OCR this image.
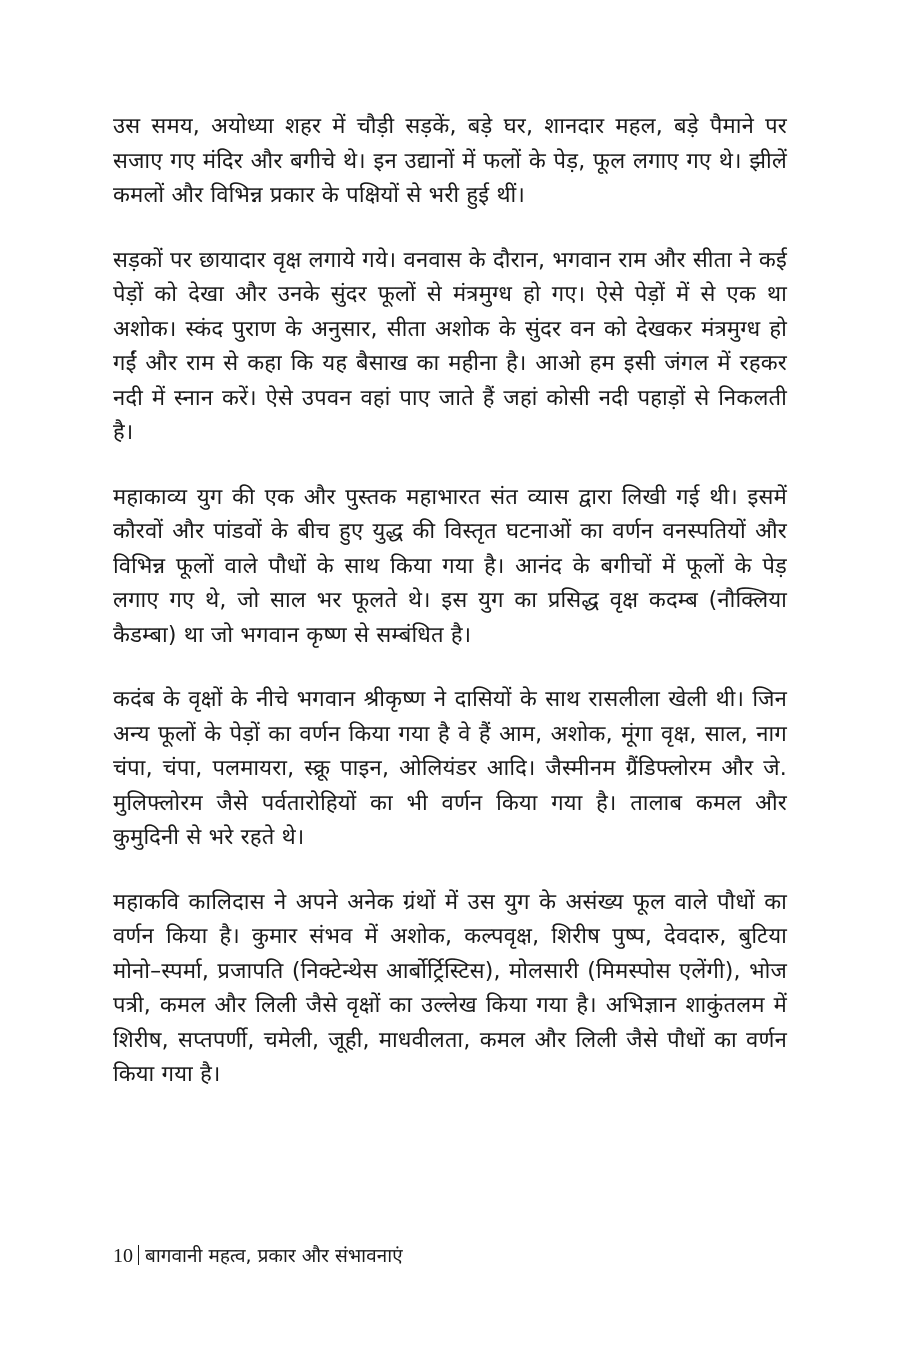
उस समय, अयोध्या शहर में चौड़ी सड़कें, बड़े घर, शानदार महल, बड़े पैमाने पर सजाए गए मंदिर और बगीचे थे। इन उद्यानों में फलों के पेड़, फूल लगाए गए थे। झीलें कमलों और विभिन्न प्रकार के पक्षियों से भरी हुई थीं।

सड़कों पर छायादार वृक्ष लगाये गये। वनवास के दौरान, भगवान राम और सीता ने कई पेड़ों को देखा और उनके सुंदर फूलों से मंत्रमुग्ध हो गए। ऐसे पेड़ों में से एक था अशोक। स्कंद पुराण के अनुसार, सीता अशोक के सुंदर वन को देखकर मंत्रमुग्ध हो गईं और राम से कहा कि यह बैसाख का महीना है। आओ हम इसी जंगल में रहकर नदी में स्नान करें। ऐसे उपवन वहां पाए जाते हैं जहां कोसी नदी पहाड़ों से निकलती है।

महाकाव्य युग की एक और पुस्तक महाभारत संत व्यास द्वारा लिखी गई थी। इसमें कौरवों और पांडवों के बीच हुए युद्ध की विस्तृत घटनाओं का वर्णन वनस्पतियों और विभिन्न फूलों वाले पौधों के साथ किया गया है। आनंद के बगीचों में फूलों के पेड़ लगाए गए थे, जो साल भर फूलते थे। इस युग का प्रसिद्ध वृक्ष कदम्ब (नौक्लिया कैडम्बा) था जो भगवान कृष्ण से सम्बंधित है।

कदंब के वृक्षों के नीचे भगवान श्रीकृष्ण ने दासियों के साथ रासलीला खेली थी। जिन अन्य फूलों के पेड़ों का वर्णन किया गया है वे हैं आम, अशोक, मूंगा वृक्ष, साल, नाग चंपा, चंपा, पलमायरा, स्क्रू पाइन, ओलियंडर आदि। जैस्मीनम ग्रैंडिफ्लोरम और जे. मुलिफ्लोरम जैसे पर्वतारोहियों का भी वर्णन किया गया है। तालाब कमल और कुमुदिनी से भरे रहते थे।

महाकवि कालिदास ने अपने अनेक ग्रंथों में उस युग के असंख्य फूल वाले पौधों का वर्णन किया है। कुमार संभव में अशोक, कल्पवृक्ष, शिरीष पुष्प, देवदारु, बुटिया मोनो–स्पर्मा, प्रजापति (निक्टेन्थेस आर्बोर्ट्रिस्टिस), मोलसारी (मिमस्पोस एलेंगी), भोज पत्री, कमल और लिली जैसे वृक्षों का उल्लेख किया गया है। अभिज्ञान शाकुंतलम में शिरीष, सप्तपर्णी, चमेली, जूही, माधवीलता, कमल और लिली जैसे पौधों का वर्णन किया गया है।

10 बागवानी महत्व, प्रकार और संभावनाएं
